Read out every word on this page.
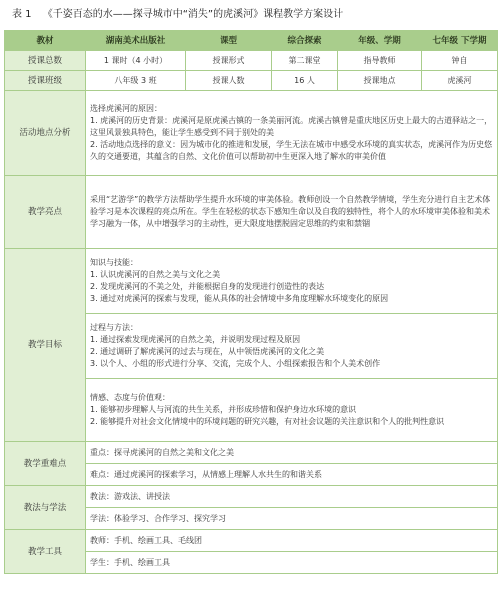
表 1 《千姿百态的水——探寻城市中“消失”的虎溪河》课程教学方案设计
教材	湖南美术出版社	课型	综合探索	年级、学期	七年级 下学期
授课总数	1 课时（4 小时）	授课形式	第二课堂	指导教师	钟自
授课班级	八年级 3 班	授课人数	16 人	授课地点	虎溪河
活动地点分析	选择虎溪河的原因：
1. 虎溪河的历史背景：虎溪河是原虎溪古镇的一条美丽河流。虎溪古镇曾是重庆地区历史上最大的古道驿站之一，这里风景独具特色，能让学生感受到不同于别处的美
2. 活动地点选择的意义：因为城市化的推进和发展，学生无法在城市中感受水环境的真实状态，虎溪河作为历史悠久的交通要道，其蕴含的自然、文化价值可以帮助初中生更深入地了解水的审美价值				

教学亮点	采用“艺游学”的教学方法帮助学生提升水环境的审美体验。教师创设一个自然教学情境，学生充分进行自主艺术体验学习是本次课程的亮点所在。学生在轻松的状态下感知生命以及自我的独特性，将个人的水环境审美体验和美术学习融为一体，从中增强学习的主动性，更大限度地摆脱固定思维的约束和禁锢				

教学目标	知识与技能：
1. 认识虎溪河的自然之美与文化之美
2. 发现虎溪河的不美之处，并能根据自身的发现进行创造性的表达
3. 通过对虎溪河的探索与发现，能从具体的社会情境中多角度理解水环境变化的原因				

	过程与方法：
1. 通过探索发现虎溪河的自然之美，并说明发现过程及原因
2. 通过调研了解虎溪河的过去与现在，从中领悟虎溪河的文化之美
3. 以个人、小组的形式进行分享、交流，完成个人、小组探索报告和个人美术创作				

	情感、态度与价值观：
1. 能够初步理解人与河流的共生关系，并形成珍惜和保护身边水环境的意识
2. 能够提升对社会文化情境中的环境问题的研究兴趣，有对社会议题的关注意识和个人的批判性意识				

教学重难点	重点：探寻虎溪河的自然之美和文化之美				
	难点：通过虎溪河的探索学习，从情感上理解人水共生的和谐关系				
教法与学法	教法：游戏法、讲授法				
	学法：体验学习、合作学习、探究学习				
教学工具	教师：手机、绘画工具、毛线团				
	学生：手机、绘画工具				
